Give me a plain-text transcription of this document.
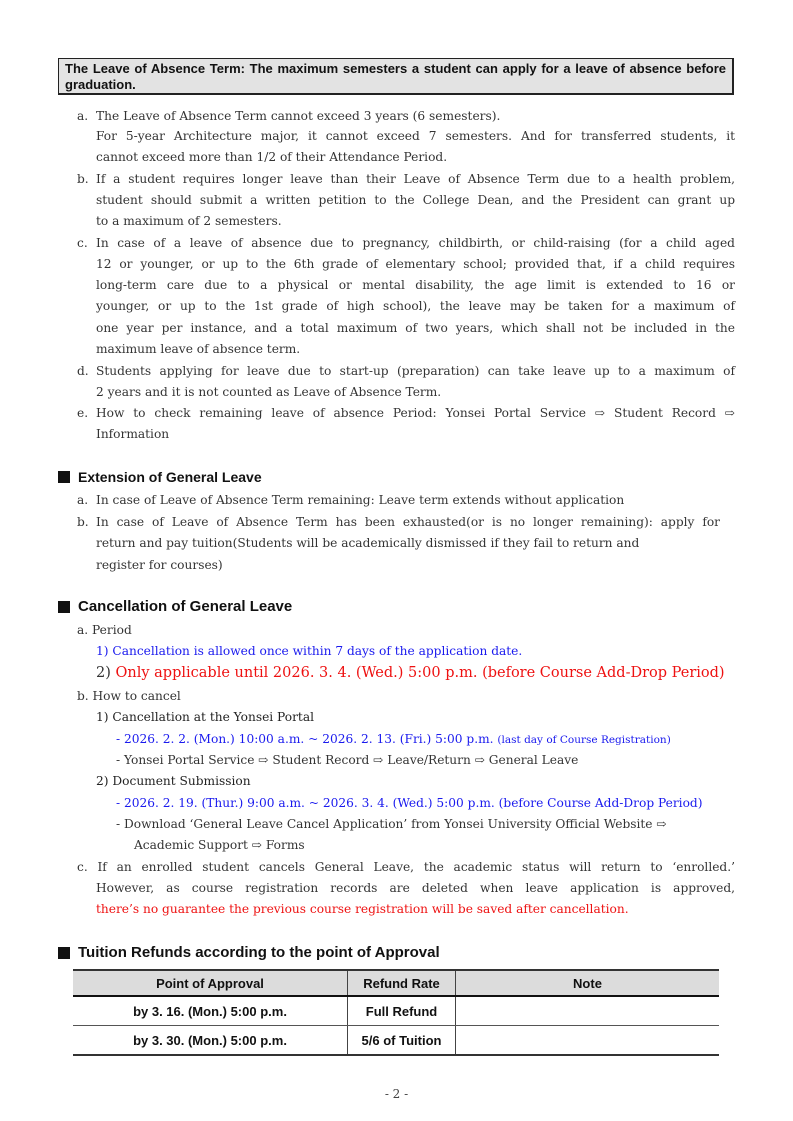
The Leave of Absence Term: The maximum semesters a student can apply for a leave of absence before graduation.
a. The Leave of Absence Term cannot exceed 3 years (6 semesters).
For 5-year Architecture major, it cannot exceed 7 semesters. And for transferred students, it
cannot exceed more than 1/2 of their Attendance Period.
b. If a student requires longer leave than their Leave of Absence Term due to a health problem,
student should submit a written petition to the College Dean, and the President can grant up
to a maximum of 2 semesters.
c. In case of a leave of absence due to pregnancy, childbirth, or child-raising (for a child aged
12 or younger, or up to the 6th grade of elementary school; provided that, if a child requires
long-term care due to a physical or mental disability, the age limit is extended to 16 or
younger, or up to the 1st grade of high school), the leave may be taken for a maximum of
one year per instance, and a total maximum of two years, which shall not be included in the
maximum leave of absence term.
d. Students applying for leave due to start-up (preparation) can take leave up to a maximum of
2 years and it is not counted as Leave of Absence Term.
e. How to check remaining leave of absence Period: Yonsei Portal Service ⇨ Student Record ⇨
Information
Extension of General Leave
a. In case of Leave of Absence Term remaining: Leave term extends without application
b. In case of Leave of Absence Term has been exhausted(or is no longer remaining): apply for
return and pay tuition(Students will be academically dismissed if they fail to return and
register for courses)
Cancellation of General Leave
a. Period
1) Cancellation is allowed once within 7 days of the application date.
2) Only applicable until 2026. 3. 4. (Wed.) 5:00 p.m. (before Course Add-Drop Period)
b. How to cancel
1) Cancellation at the Yonsei Portal
- 2026. 2. 2. (Mon.) 10:00 a.m. ~ 2026. 2. 13. (Fri.) 5:00 p.m. (last day of Course Registration)
- Yonsei Portal Service ⇨ Student Record ⇨ Leave/Return ⇨ General Leave
2) Document Submission
- 2026. 2. 19. (Thur.) 9:00 a.m. ~ 2026. 3. 4. (Wed.) 5:00 p.m. (before Course Add-Drop Period)
- Download ‘General Leave Cancel Application’ from Yonsei University Official Website ⇨
Academic Support ⇨ Forms
c. If an enrolled student cancels General Leave, the academic status will return to ‘enrolled.’
However, as course registration records are deleted when leave application is approved,
there’s no guarantee the previous course registration will be saved after cancellation.
Tuition Refunds according to the point of Approval
Point of Approval	Refund Rate	Note
by 3. 16. (Mon.) 5:00 p.m.	Full Refund	
by 3. 30. (Mon.) 5:00 p.m.	5/6 of Tuition	
- 2 -
